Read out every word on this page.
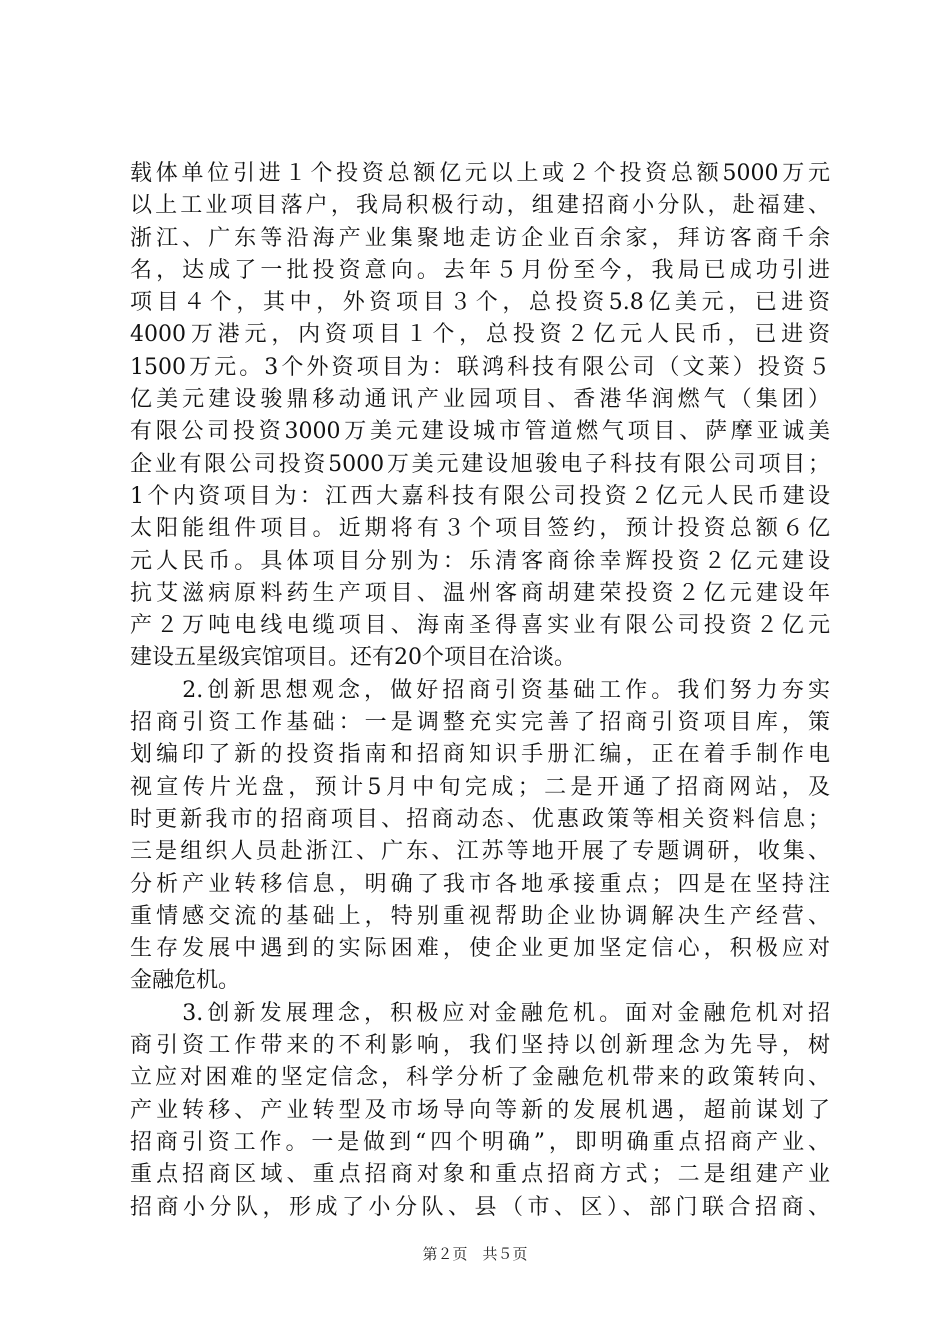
载体单位引进１个投资总额亿元以上或２个投资总额5000万元
以上工业项目落户，我局积极行动，组建招商小分队，赴福建、
浙江、广东等沿海产业集聚地走访企业百余家，拜访客商千余
名，达成了一批投资意向。去年５月份至今，我局已成功引进
项目４个，其中，外资项目３个，总投资5.8亿美元，已进资
4000万港元，内资项目１个，总投资２亿元人民币，已进资
1500万元。3个外资项目为：联鸿科技有限公司（文莱）投资５
亿美元建设骏鼎移动通讯产业园项目、香港华润燃气（集团）
有限公司投资3000万美元建设城市管道燃气项目、萨摩亚诚美
企业有限公司投资5000万美元建设旭骏电子科技有限公司项目；
1个内资项目为：江西大嘉科技有限公司投资２亿元人民币建设
太阳能组件项目。近期将有３个项目签约，预计投资总额６亿
元人民币。具体项目分别为：乐清客商徐幸辉投资２亿元建设
抗艾滋病原料药生产项目、温州客商胡建荣投资２亿元建设年
产２万吨电线电缆项目、海南圣得喜实业有限公司投资２亿元
建设五星级宾馆项目。还有20个项目在洽谈。
　　2.创新思想观念，做好招商引资基础工作。我们努力夯实
招商引资工作基础：一是调整充实完善了招商引资项目库，策
划编印了新的投资指南和招商知识手册汇编，正在着手制作电
视宣传片光盘，预计5月中旬完成；二是开通了招商网站，及
时更新我市的招商项目、招商动态、优惠政策等相关资料信息；
三是组织人员赴浙江、广东、江苏等地开展了专题调研，收集、
分析产业转移信息，明确了我市各地承接重点；四是在坚持注
重情感交流的基础上，特别重视帮助企业协调解决生产经营、
生存发展中遇到的实际困难，使企业更加坚定信心，积极应对
金融危机。
　　3.创新发展理念，积极应对金融危机。面对金融危机对招
商引资工作带来的不利影响，我们坚持以创新理念为先导，树
立应对困难的坚定信念，科学分析了金融危机带来的政策转向、
产业转移、产业转型及市场导向等新的发展机遇，超前谋划了
招商引资工作。一是做到“四个明确”，即明确重点招商产业、
重点招商区域、重点招商对象和重点招商方式；二是组建产业
招商小分队，形成了小分队、县（市、区）、部门联合招商、
第２页　共５页
